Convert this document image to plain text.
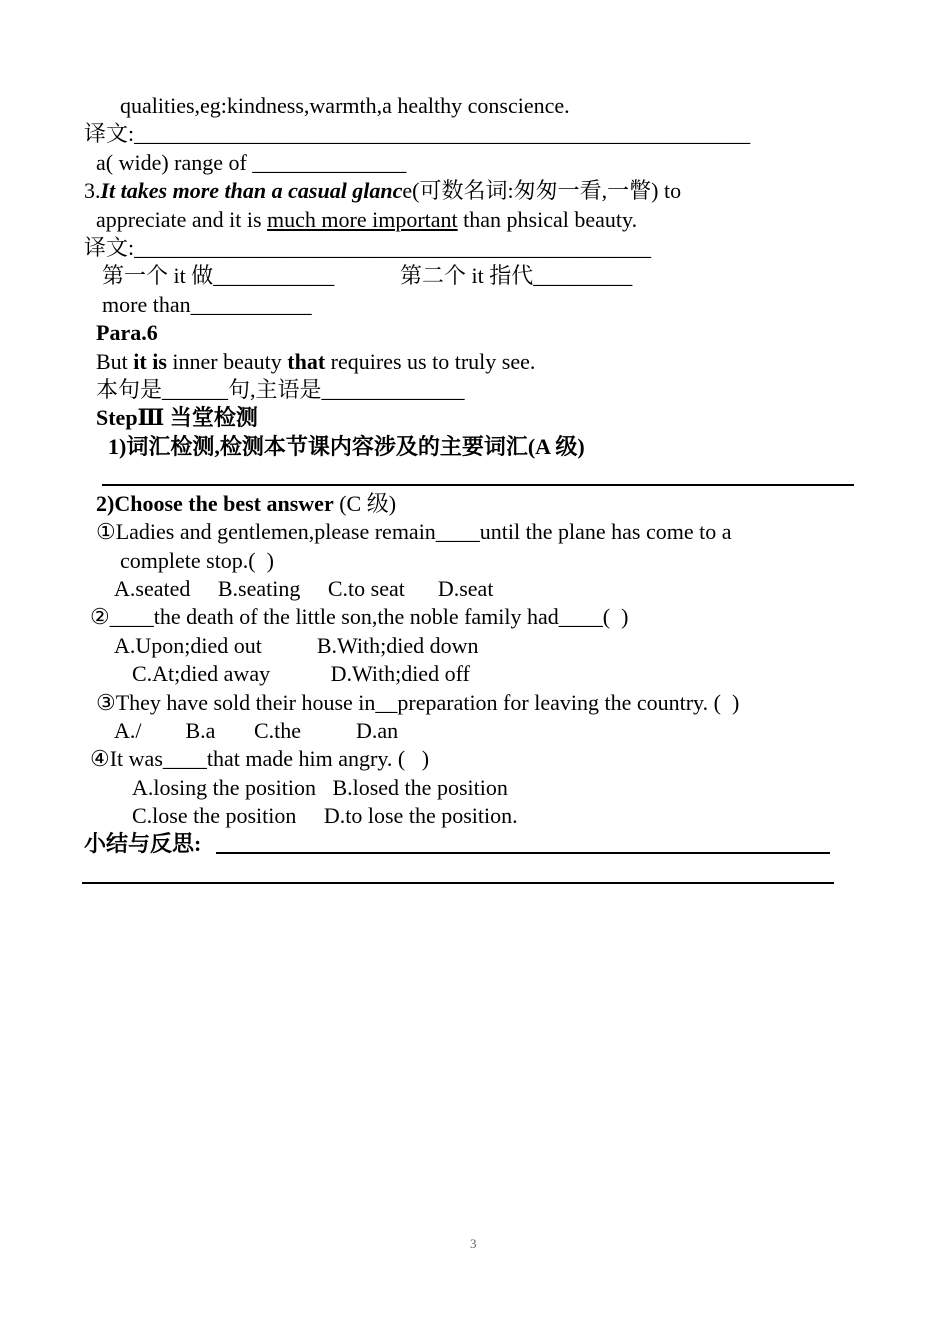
qualities,eg:kindness,warmth,a healthy conscience.
译文:________________________________________________________
a( wide) range of ______________
3.It takes more than a casual glance(可数名词:匆匆一看,一瞥) to
appreciate and it is much more important than phsical beauty.
译文:_______________________________________________
第一个 it 做___________	第二个 it 指代_________
more than___________
Para.6
But it is inner beauty that requires us to truly see.
本句是______句,主语是_____________
StepⅢ 当堂检测
1)词汇检测,检测本节课内容涉及的主要词汇(A 级)
2)Choose the best answer (C 级)
①Ladies and gentlemen,please remain____until the plane has come to a
complete stop.(  )
A.seated     B.seating     C.to seat      D.seat
②____the death of the little son,the noble family had____(  )
A.Upon;died out          B.With;died down
C.At;died away           D.With;died off
③They have sold their house in__preparation for leaving the country. (  )
A./        B.a       C.the          D.an
④It was____that made him angry. (   )
A.losing the position   B.losed the position
C.lose the position     D.to lose the position.
小结与反思:
3
